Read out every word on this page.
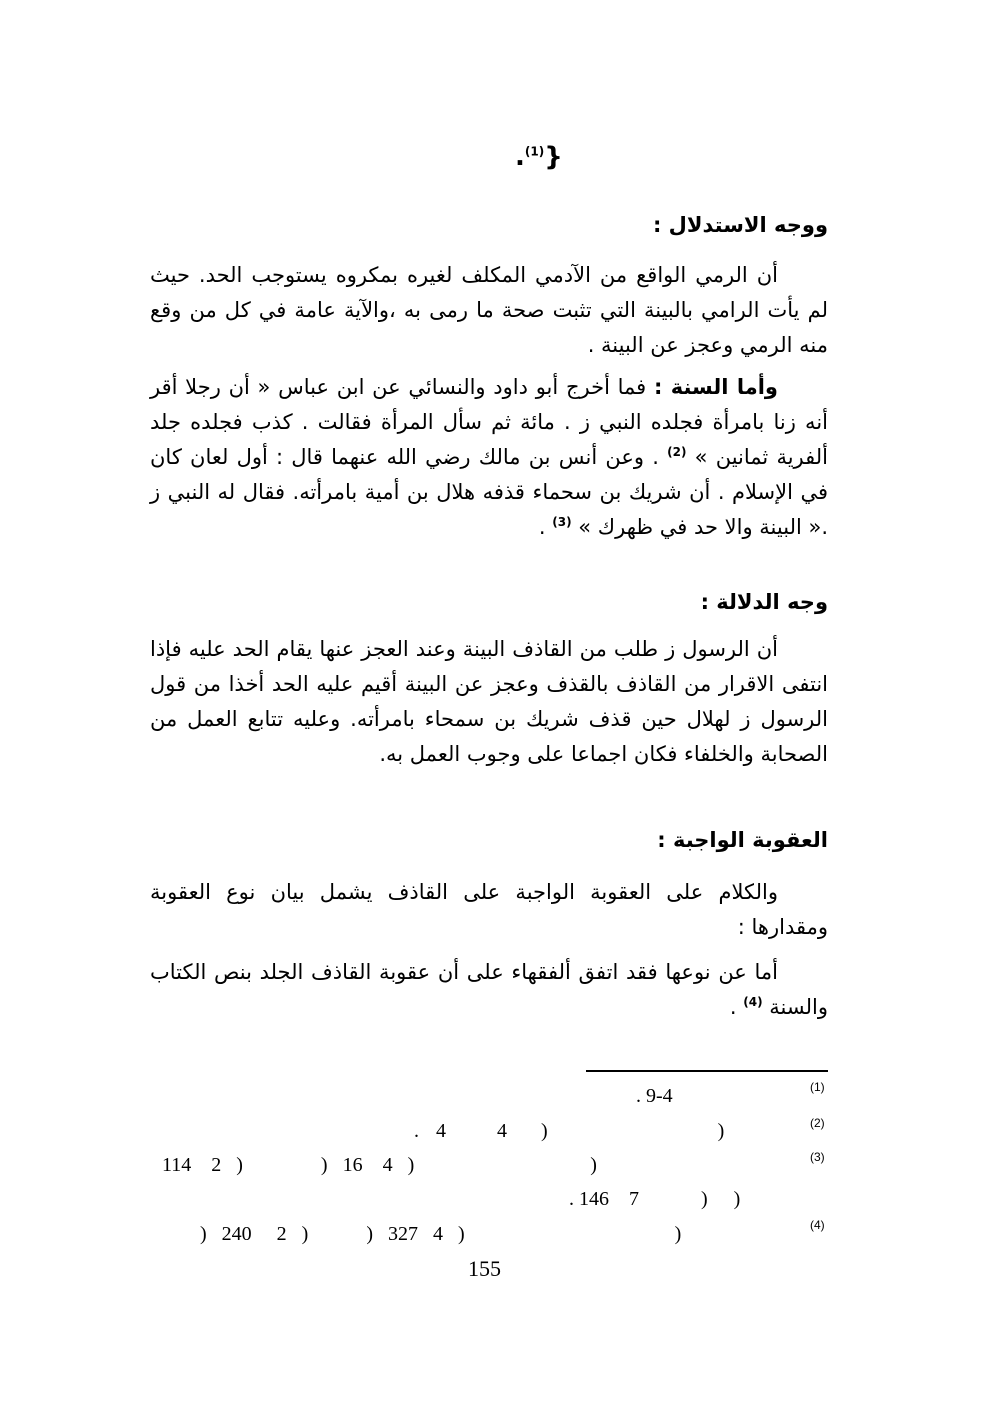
.$^{(1)}$}
ووجه الاستدلال :
أن الرمي الواقع من الآدمي المكلف لغيره بمكروه يستوجب الحد. حيث لم يأت الرامي بالبينة التي تثبت صحة ما رمى به ،والآية عامة في كل من وقع منه الرمي وعجز عن البينة .
وأما السنة : فما أخرج أبو داود والنسائي عن ابن عباس « أن رجلا أقر أنه زنا بامرأة فجلده النبي ز . مائة ثم سأل المرأة فقالت . كذب فجلده جلد ألفرية ثمانين » $^{(2)}$ . وعن أنس بن مالك رضي الله عنهما قال : أول لعان كان في الإسلام . أن شريك بن سحماء قذفه هلال بن أمية بامرأته. فقال له النبي ز .« البينة والا حد في ظهرك » $^{(3)}$ .
وجه الدلالة :
أن الرسول ز طلب من القاذف البينة وعند العجز عنها يقام الحد عليه فإذا انتفى الاقرار من القاذف بالقذف وعجز عن البينة أقيم عليه الحد أخذا من قول الرسول ز لهلال حين قذف شريك بن سمحاء بامرأته. وعليه تتابع العمل من الصحابة والخلفاء فكان اجماعا على وجوب العمل به.
العقوبة الواجبة :
والكلام على العقوبة الواجبة على القاذف يشمل بيان نوع العقوبة ومقدارها :
أما عن نوعها فقد اتفق ألفقهاء على أن عقوبة القاذف الجلد بنص الكتاب والسنة $^{(4)}$ .
(1)
. 9-4
(2)
. 4   4  )	)
(3)
114    2   )	)   16    4   )	)
. 146    7	) )
(4)
)   240     2   )	)   327   4   )	)
155
